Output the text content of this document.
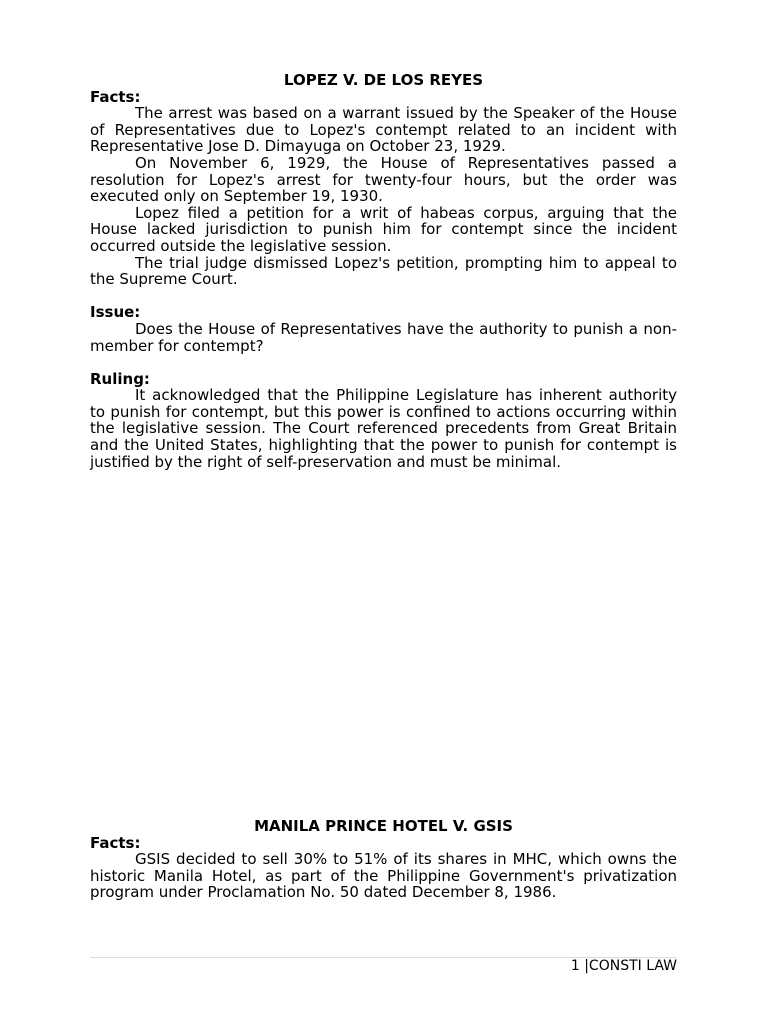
LOPEZ V. DE LOS REYES

Facts:

The arrest was based on a warrant issued by the Speaker of the House of Representatives due to Lopez's contempt related to an incident with Representative Jose D. Dimayuga on October 23, 1929.

On November 6, 1929, the House of Representatives passed a resolution for Lopez's arrest for twenty-four hours, but the order was executed only on September 19, 1930.

Lopez filed a petition for a writ of habeas corpus, arguing that the House lacked jurisdiction to punish him for contempt since the incident occurred outside the legislative session.

The trial judge dismissed Lopez's petition, prompting him to appeal to the Supreme Court.

Issue:

Does the House of Representatives have the authority to punish a non-member for contempt?

Ruling:

It acknowledged that the Philippine Legislature has inherent authority to punish for contempt, but this power is confined to actions occurring within the legislative session. The Court referenced precedents from Great Britain and the United States, highlighting that the power to punish for contempt is justified by the right of self-preservation and must be minimal.

MANILA PRINCE HOTEL V. GSIS

Facts:

GSIS decided to sell 30% to 51% of its shares in MHC, which owns the historic Manila Hotel, as part of the Philippine Government's privatization program under Proclamation No. 50 dated December 8, 1986.

1 |CONSTI LAW
